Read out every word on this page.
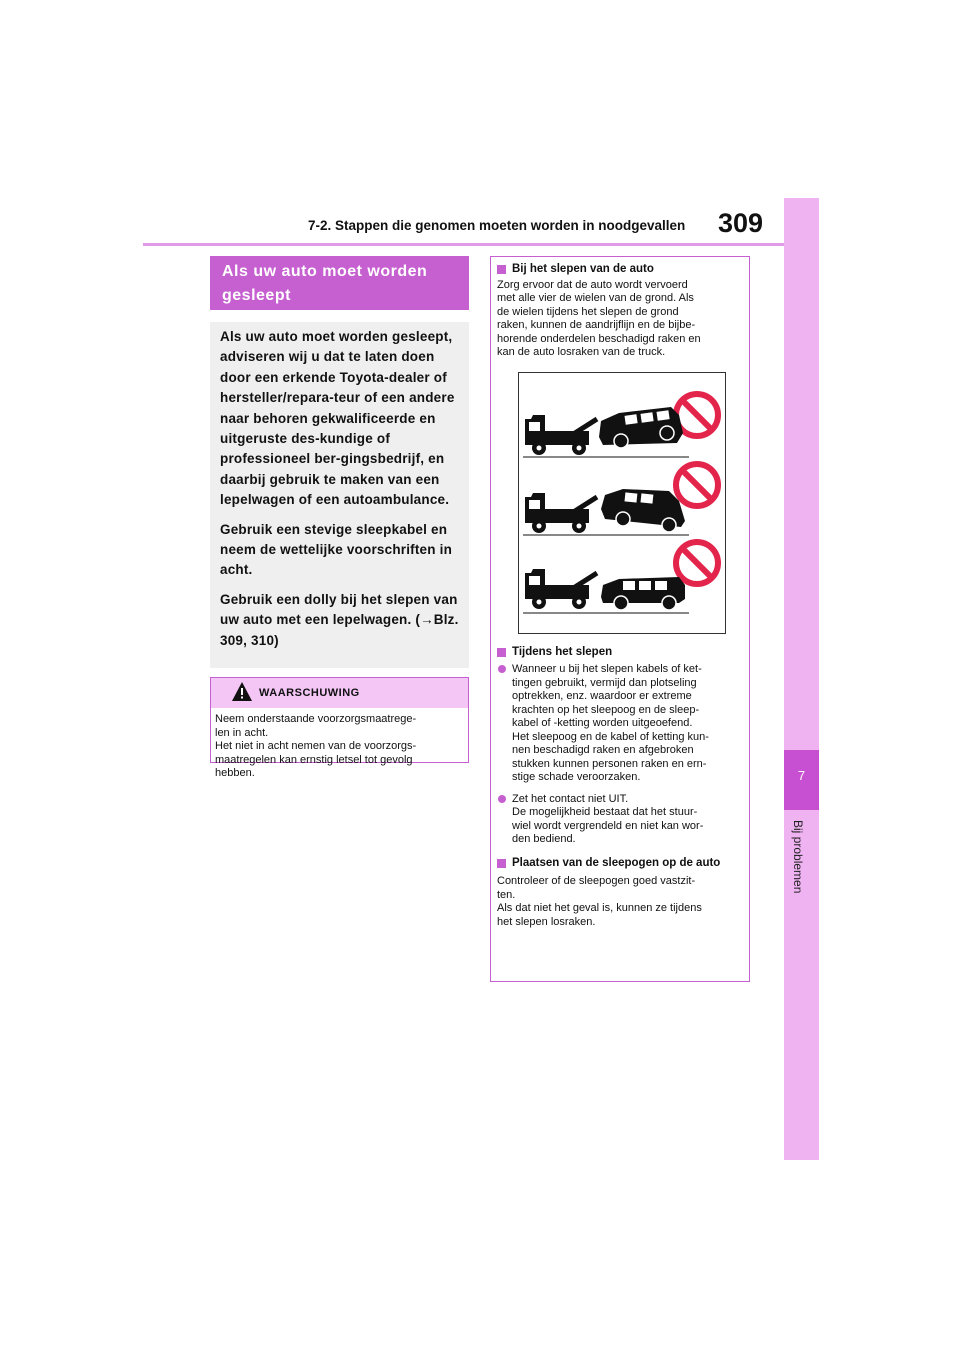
7-2. Stappen die genomen moeten worden in noodgevallen 309
7
Bij problemen
Als uw auto moet worden gesleept

Als uw auto moet worden gesleept, adviseren wij u dat te laten doen door een erkende Toyota-dealer of hersteller/repara-teur of een andere naar behoren gekwalificeerde en uitgeruste des-kundige of professioneel ber-gingsbedrijf, en daarbij gebruik te maken van een lepelwagen of een autoambulance.

Gebruik een stevige sleepkabel en neem de wettelijke voorschriften in acht.

Gebruik een dolly bij het slepen van uw auto met een lepelwagen. (→Blz. 309, 310)

WAARSCHUWING
Neem onderstaande voorzorgsmaatrege-
len in acht.
Het niet in acht nemen van de voorzorgs-
maatregelen kan ernstig letsel tot gevolg
hebben.
Bij het slepen van de auto
Zorg ervoor dat de auto wordt vervoerd
met alle vier de wielen van de grond. Als
de wielen tijdens het slepen de grond
raken, kunnen de aandrijflijn en de bijbe-
horende onderdelen beschadigd raken en
kan de auto losraken van de truck.
Tijdens het slepen
Wanneer u bij het slepen kabels of ket-
tingen gebruikt, vermijd dan plotseling
optrekken, enz. waardoor er extreme
krachten op het sleepoog en de sleep-
kabel of -ketting worden uitgeoefend.
Het sleepoog en de kabel of ketting kun-
nen beschadigd raken en afgebroken
stukken kunnen personen raken en ern-
stige schade veroorzaken.
Zet het contact niet UIT.
De mogelijkheid bestaat dat het stuur-
wiel wordt vergrendeld en niet kan wor-
den bediend.
Plaatsen van de sleepogen op de auto
Controleer of de sleepogen goed vastzit-
ten.
Als dat niet het geval is, kunnen ze tijdens
het slepen losraken.
